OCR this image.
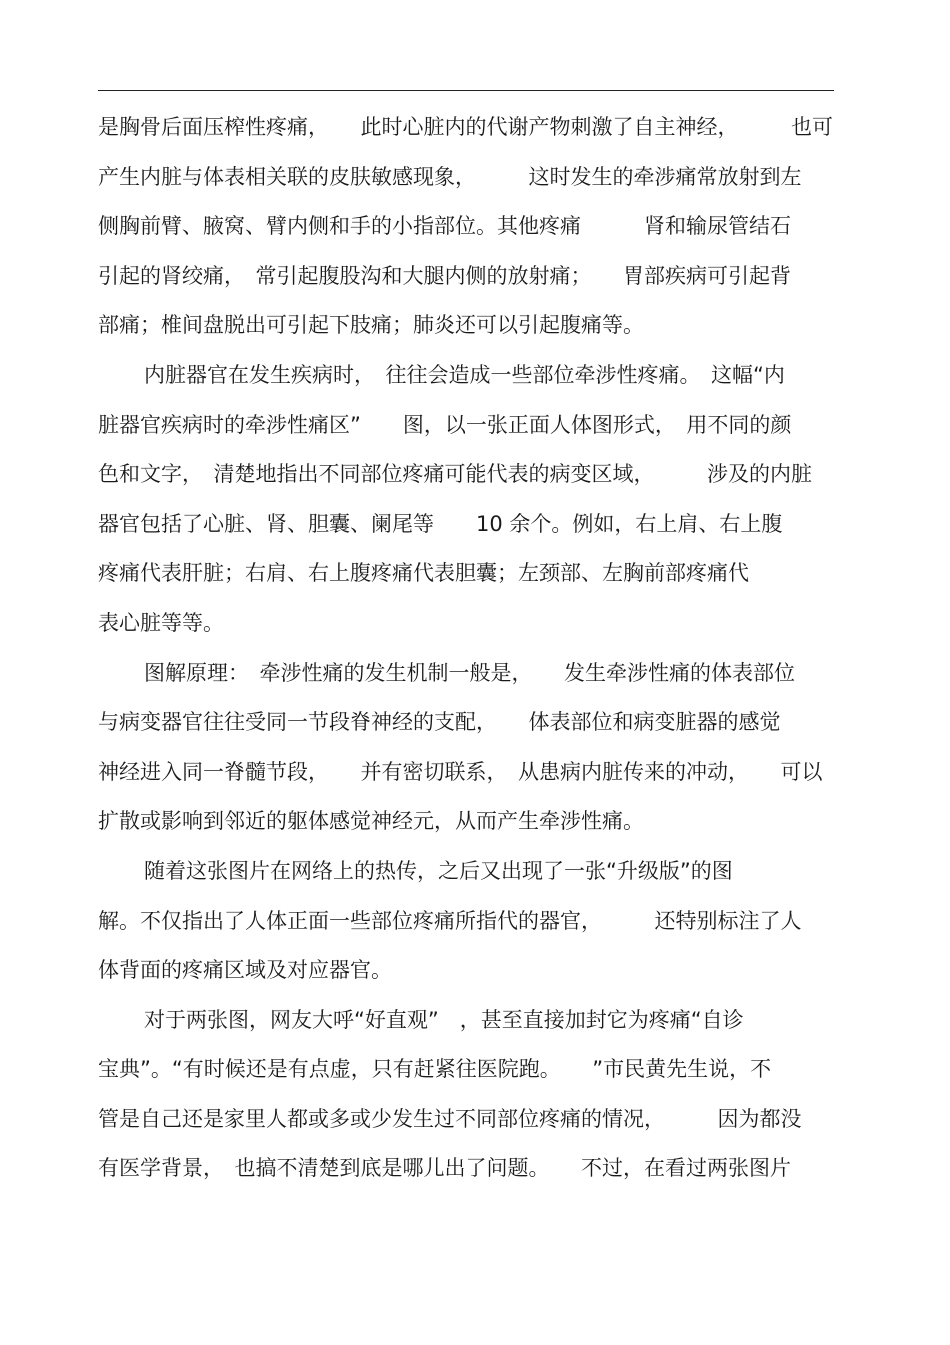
是胸骨后面压榨性疼痛，　　此时心脏内的代谢产物刺激了自主神经，　　　也可
产生内脏与体表相关联的皮肤敏感现象，　　　这时发生的牵涉痛常放射到左
侧胸前臂、腋窝、臂内侧和手的小指部位。其他疼痛　　　肾和输尿管结石
引起的肾绞痛，　常引起腹股沟和大腿内侧的放射痛；　　胃部疾病可引起背
部痛；椎间盘脱出可引起下肢痛；肺炎还可以引起腹痛等。
内脏器官在发生疾病时，　往往会造成一些部位牵涉性疼痛。　这幅“内
脏器官疾病时的牵涉性痛区”　　图，以一张正面人体图形式，　用不同的颜
色和文字，　清楚地指出不同部位疼痛可能代表的病变区域，　　　涉及的内脏
器官包括了心脏、肾、胆囊、阑尾等　　10 余个。例如，右上肩、右上腹
疼痛代表肝脏；右肩、右上腹疼痛代表胆囊；左颈部、左胸前部疼痛代
表心脏等等。
图解原理：　牵涉性痛的发生机制一般是，　　发生牵涉性痛的体表部位
与病变器官往往受同一节段脊神经的支配，　　体表部位和病变脏器的感觉
神经进入同一脊髓节段，　　并有密切联系，　从患病内脏传来的冲动，　　可以
扩散或影响到邻近的躯体感觉神经元，从而产生牵涉性痛。
随着这张图片在网络上的热传，之后又出现了一张“升级版”的图
解。不仅指出了人体正面一些部位疼痛所指代的器官，　　　还特别标注了人
体背面的疼痛区域及对应器官。
对于两张图，网友大呼“好直观”　，甚至直接加封它为疼痛“自诊
宝典”。“有时候还是有点虚，只有赶紧往医院跑。　　”市民黄先生说，不
管是自己还是家里人都或多或少发生过不同部位疼痛的情况，　　　因为都没
有医学背景，　也搞不清楚到底是哪儿出了问题。　　不过，在看过两张图片
